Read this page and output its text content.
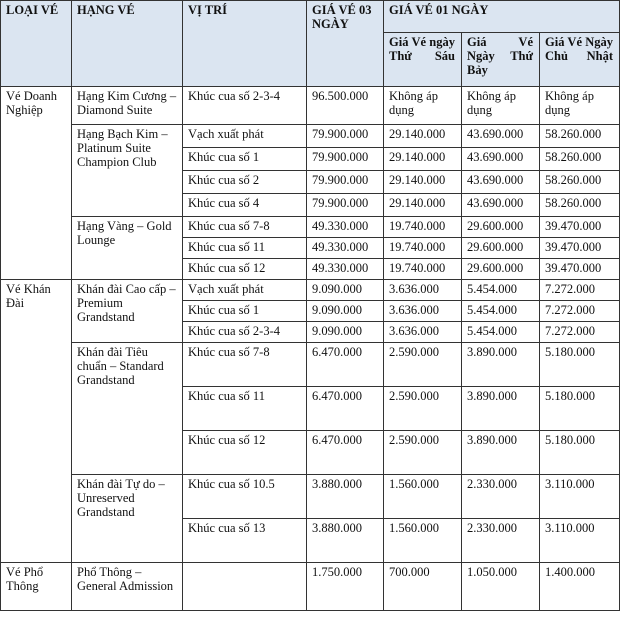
LOẠI VÉ	HẠNG VÉ	VỊ TRÍ	GIÁ VÉ 03 NGÀY	GIÁ VÉ 01 NGÀY		
				Giá Vé ngày Thứ Sáu	Giá Vé Ngày Thứ Bảy	Giá Vé Ngày Chủ Nhật
Vé Doanh Nghiệp	Hạng Kim Cương – Diamond Suite	Khúc cua số 2-3-4	96.500.000	Không áp dụng	Không áp dụng	Không áp dụng
	Hạng Bạch Kim – Platinum Suite Champion Club	Vạch xuất phát	79.900.000	29.140.000	43.690.000	58.260.000
		Khúc cua số 1	79.900.000	29.140.000	43.690.000	58.260.000
		Khúc cua số 2	79.900.000	29.140.000	43.690.000	58.260.000
		Khúc cua số 4	79.900.000	29.140.000	43.690.000	58.260.000
	Hạng Vàng – Gold Lounge	Khúc cua số 7-8	49.330.000	19.740.000	29.600.000	39.470.000
		Khúc cua số 11	49.330.000	19.740.000	29.600.000	39.470.000
		Khúc cua số 12	49.330.000	19.740.000	29.600.000	39.470.000
Vé Khán Đài	Khán đài Cao cấp – Premium Grandstand	Vạch xuất phát	9.090.000	3.636.000	5.454.000	7.272.000
		Khúc cua số 1	9.090.000	3.636.000	5.454.000	7.272.000
		Khúc cua số 2-3-4	9.090.000	3.636.000	5.454.000	7.272.000
	Khán đài Tiêu chuẩn – Standard Grandstand	Khúc cua số 7-8	6.470.000	2.590.000	3.890.000	5.180.000
		Khúc cua số 11	6.470.000	2.590.000	3.890.000	5.180.000
		Khúc cua số 12	6.470.000	2.590.000	3.890.000	5.180.000
	Khán đài Tự do – Unreserved Grandstand	Khúc cua số 10.5	3.880.000	1.560.000	2.330.000	3.110.000
		Khúc cua số 13	3.880.000	1.560.000	2.330.000	3.110.000
Vé Phổ Thông	Phổ Thông – General Admission		1.750.000	700.000	1.050.000	1.400.000
